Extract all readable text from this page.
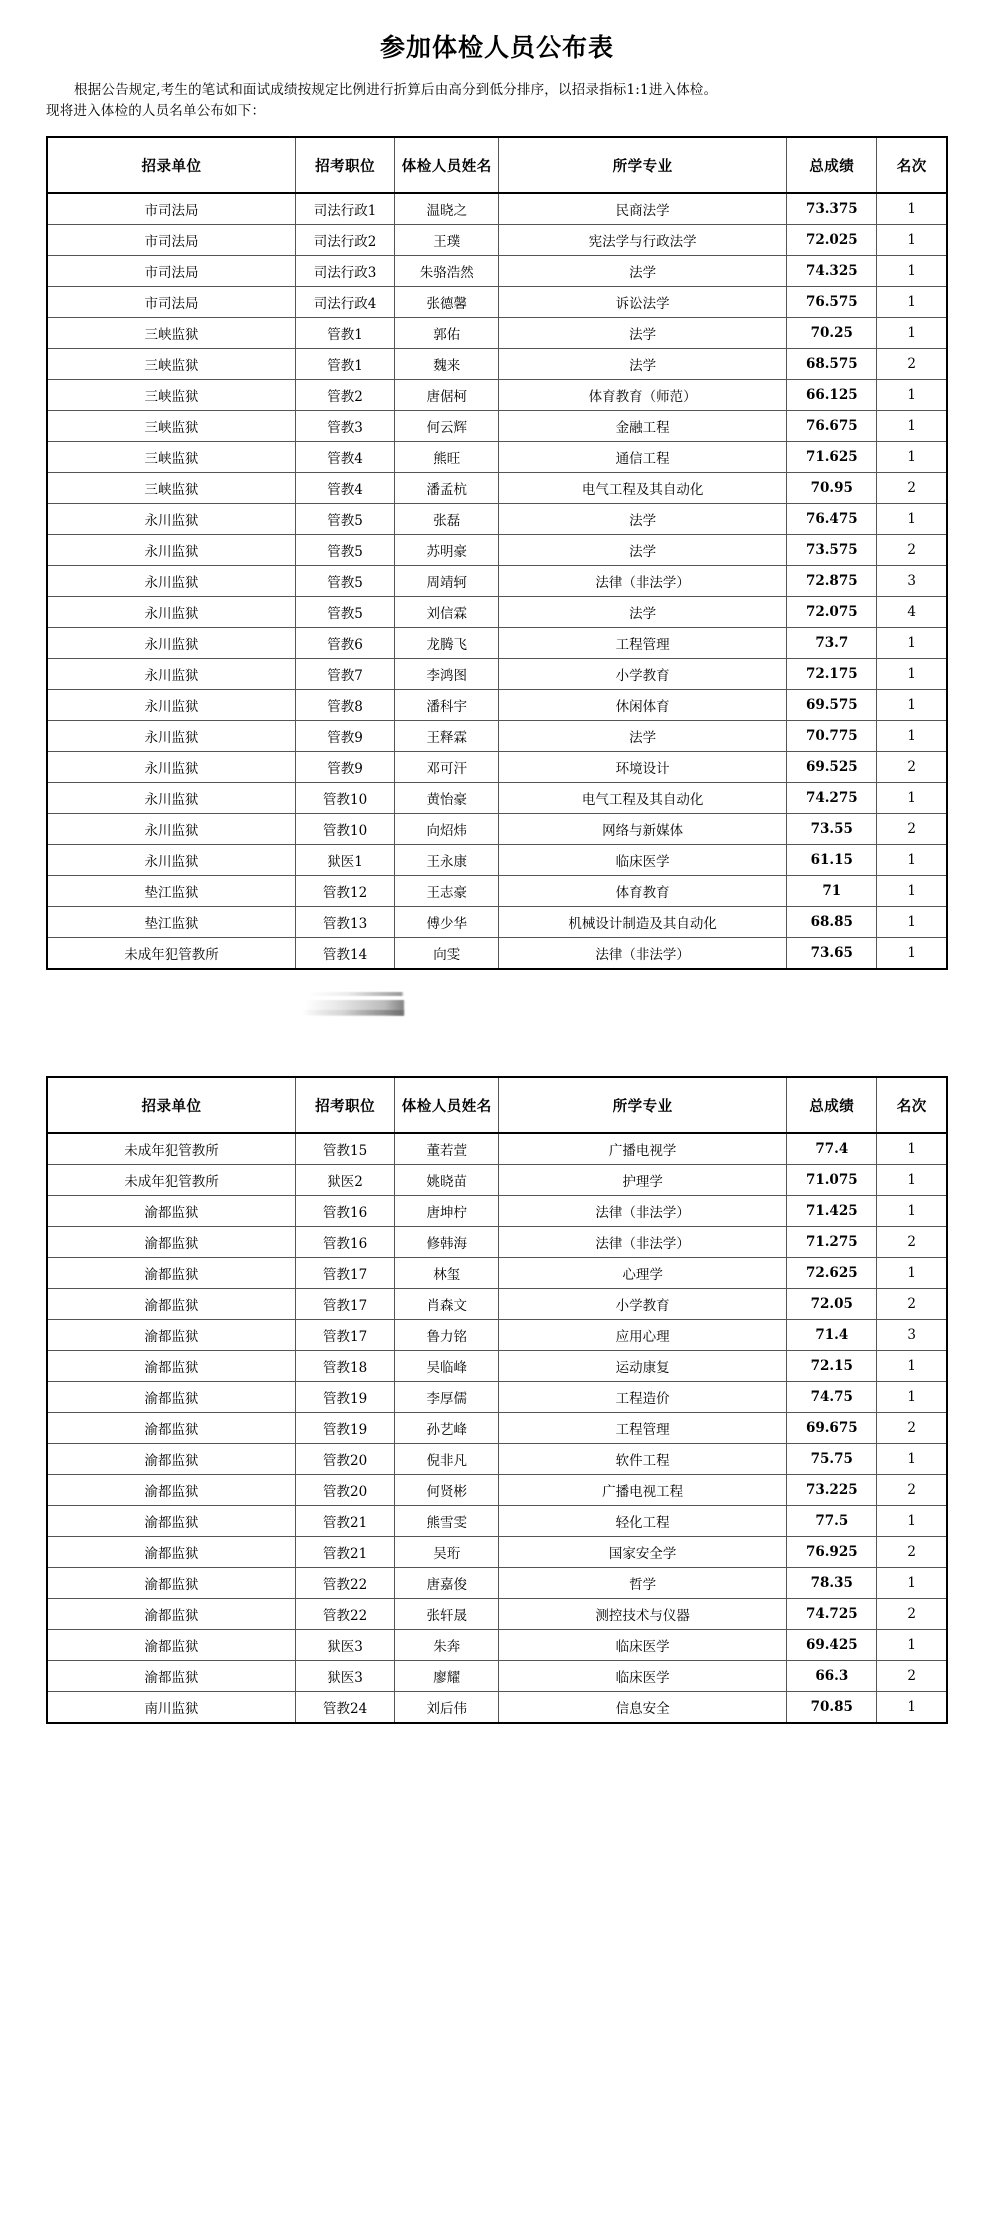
参加体检人员公布表

根据公告规定,考生的笔试和面试成绩按规定比例进行折算后由高分到低分排序，以招录指标1:1进入体检。

现将进入体检的人员名单公布如下：

招录单位	招考职位	体检人员姓名	所学专业	总成绩	名次
市司法局	司法行政1	温晓之	民商法学	73.375	1
市司法局	司法行政2	王璞	宪法学与行政法学	72.025	1
市司法局	司法行政3	朱骆浩然	法学	74.325	1
市司法局	司法行政4	张德馨	诉讼法学	76.575	1
三峡监狱	管教1	郭佑	法学	70.25	1
三峡监狱	管教1	魏来	法学	68.575	2
三峡监狱	管教2	唐倨柯	体育教育（师范）	66.125	1
三峡监狱	管教3	何云辉	金融工程	76.675	1
三峡监狱	管教4	熊旺	通信工程	71.625	1
三峡监狱	管教4	潘孟杭	电气工程及其自动化	70.95	2
永川监狱	管教5	张磊	法学	76.475	1
永川监狱	管教5	苏明豪	法学	73.575	2
永川监狱	管教5	周靖轲	法律（非法学）	72.875	3
永川监狱	管教5	刘信霖	法学	72.075	4
永川监狱	管教6	龙腾飞	工程管理	73.7	1
永川监狱	管教7	李鸿图	小学教育	72.175	1
永川监狱	管教8	潘科宇	休闲体育	69.575	1
永川监狱	管教9	王释霖	法学	70.775	1
永川监狱	管教9	邓可汗	环境设计	69.525	2
永川监狱	管教10	黄怡豪	电气工程及其自动化	74.275	1
永川监狱	管教10	向炤炜	网络与新媒体	73.55	2
永川监狱	狱医1	王永康	临床医学	61.15	1
垫江监狱	管教12	王志豪	体育教育	71	1
垫江监狱	管教13	傅少华	机械设计制造及其自动化	68.85	1
未成年犯管教所	管教14	向雯	法律（非法学）	73.65	1
招录单位	招考职位	体检人员姓名	所学专业	总成绩	名次
未成年犯管教所	管教15	董若萱	广播电视学	77.4	1
未成年犯管教所	狱医2	姚晓苗	护理学	71.075	1
渝都监狱	管教16	唐坤柠	法律（非法学）	71.425	1
渝都监狱	管教16	修韩海	法律（非法学）	71.275	2
渝都监狱	管教17	林玺	心理学	72.625	1
渝都监狱	管教17	肖森文	小学教育	72.05	2
渝都监狱	管教17	鲁力铭	应用心理	71.4	3
渝都监狱	管教18	吴临峰	运动康复	72.15	1
渝都监狱	管教19	李厚儒	工程造价	74.75	1
渝都监狱	管教19	孙艺峰	工程管理	69.675	2
渝都监狱	管教20	倪非凡	软件工程	75.75	1
渝都监狱	管教20	何贤彬	广播电视工程	73.225	2
渝都监狱	管教21	熊雪雯	轻化工程	77.5	1
渝都监狱	管教21	吴珩	国家安全学	76.925	2
渝都监狱	管教22	唐嘉俊	哲学	78.35	1
渝都监狱	管教22	张轩晟	测控技术与仪器	74.725	2
渝都监狱	狱医3	朱奔	临床医学	69.425	1
渝都监狱	狱医3	廖耀	临床医学	66.3	2
南川监狱	管教24	刘后伟	信息安全	70.85	1
